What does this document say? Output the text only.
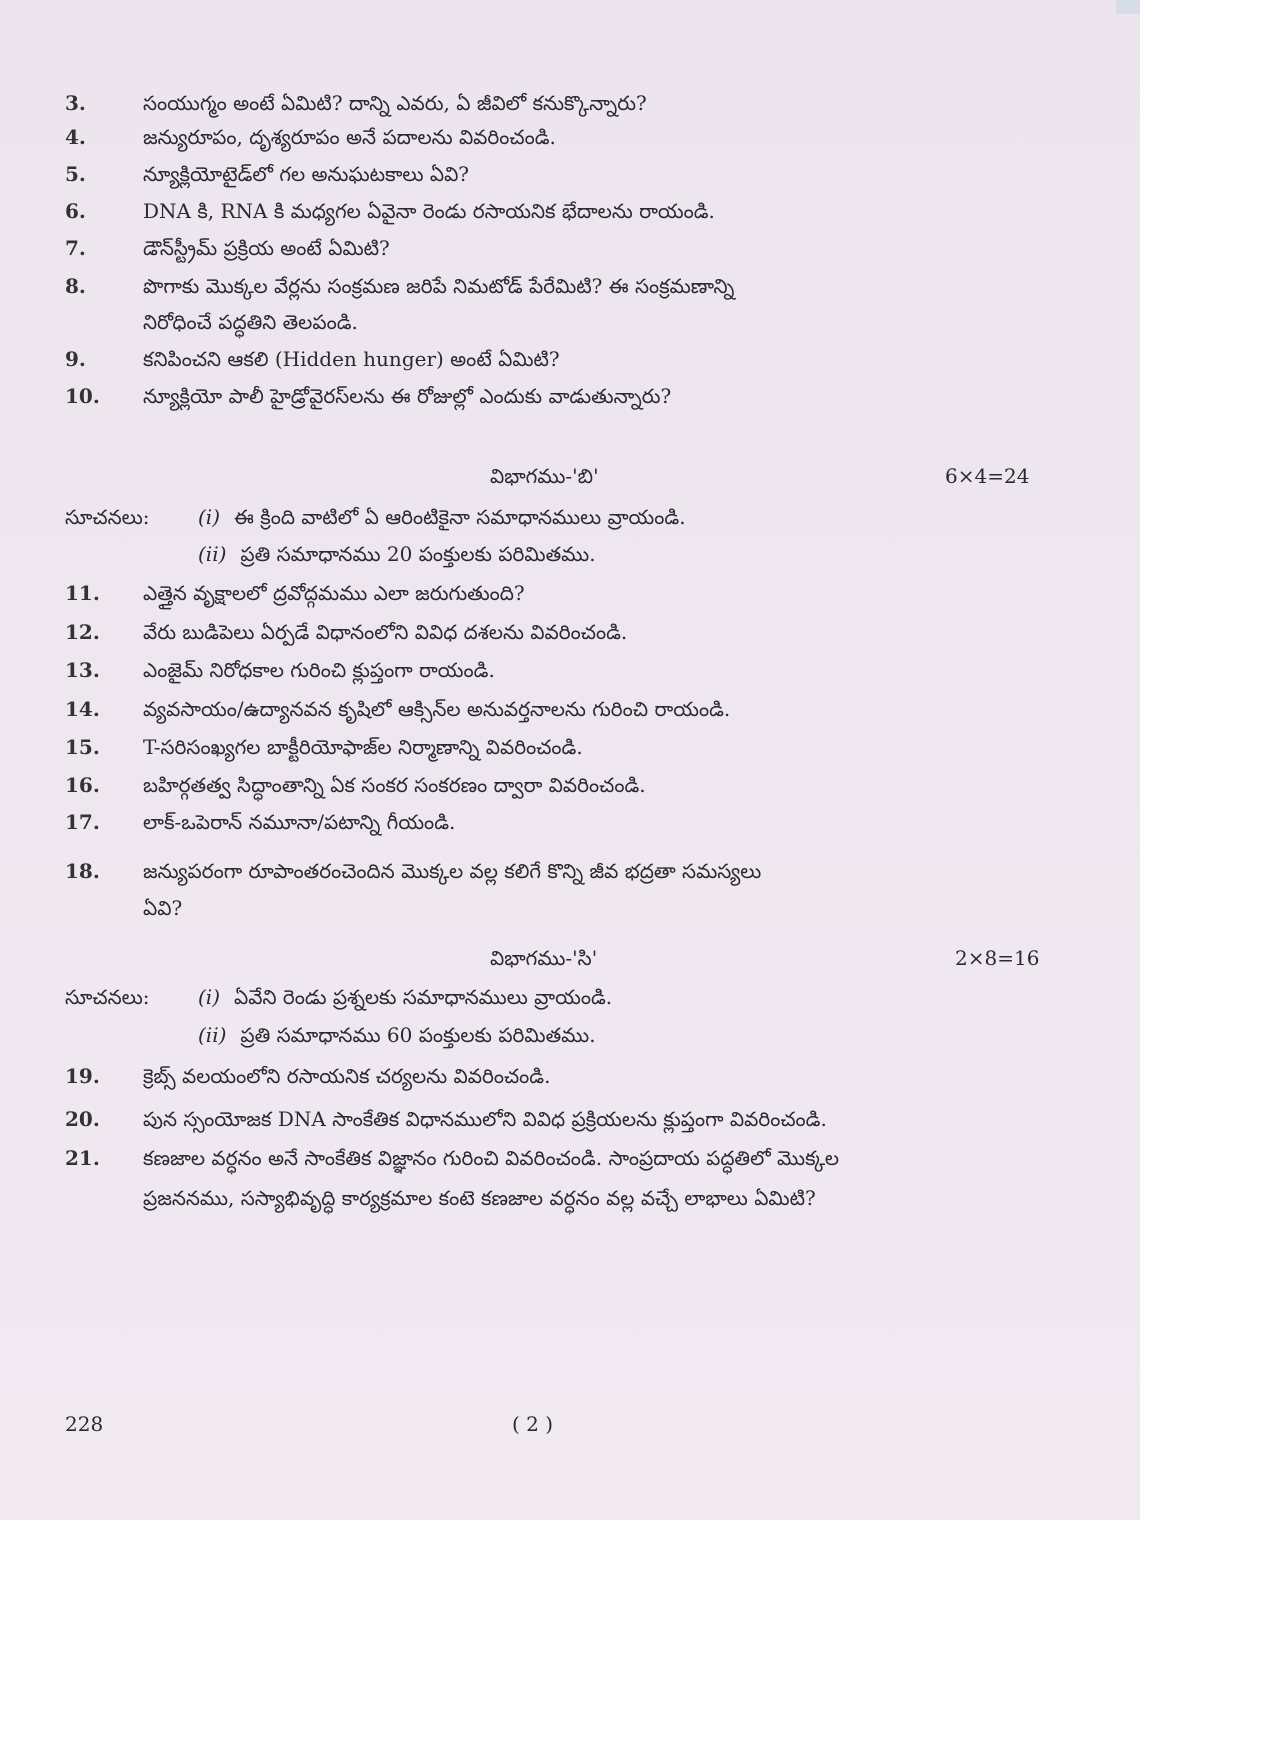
3.	సంయుగ్మం అంటే ఏమిటి? దాన్ని ఎవరు, ఏ జీవిలో కనుక్కొన్నారు?
4.	జన్యురూపం, దృశ్యరూపం అనే పదాలను వివరించండి.
5.	న్యూక్లియోటైడ్‌లో గల అనుఘటకాలు ఏవి?
6.	DNA కి, RNA కి మధ్యగల ఏవైనా రెండు రసాయనిక భేదాలను రాయండి.
7.	డౌన్‌స్ట్రీమ్ ప్రక్రియ అంటే ఏమిటి?
8.	పొగాకు మొక్కల వేర్లను సంక్రమణ జరిపే నిమటోడ్ పేరేమిటి? ఈ సంక్రమణాన్ని
నిరోధించే పద్ధతిని తెలపండి.
9.	కనిపించని ఆకలి (Hidden hunger) అంటే ఏమిటి?
10. న్యూక్లియో పాలీ హైడ్రోవైరస్‌లను ఈ రోజుల్లో ఎందుకు వాడుతున్నారు?
విభాగము-'బి'	6×4=24
సూచనలు: (i) ఈ క్రింది వాటిలో ఏ ఆరింటికైనా సమాధానములు వ్రాయండి.
(ii) ప్రతి సమాధానము 20 పంక్తులకు పరిమితము.
11. ఎత్తైన వృక్షాలలో ద్రవోద్గమము ఎలా జరుగుతుంది?
12. వేరు బుడిపెలు ఏర్పడే విధానంలోని వివిధ దశలను వివరించండి.
13. ఎంజైమ్ నిరోధకాల గురించి క్లుప్తంగా రాయండి.
14. వ్యవసాయం/ఉద్యానవన కృషిలో ఆక్సిన్‌ల అనువర్తనాలను గురించి రాయండి.
15. T-సరిసంఖ్యగల బాక్టీరియోఫాజ్‌ల నిర్మాణాన్ని వివరించండి.
16. బహిర్గతత్వ సిద్ధాంతాన్ని ఏక సంకర సంకరణం ద్వారా వివరించండి.
17. లాక్-ఒపెరాన్ నమూనా/పటాన్ని గీయండి.
18. జన్యుపరంగా రూపాంతరంచెందిన మొక్కల వల్ల కలిగే కొన్ని జీవ భద్రతా సమస్యలు
ఏవి?
విభాగము-'సి'	2×8=16
సూచనలు: (i) ఏవేని రెండు ప్రశ్నలకు సమాధానములు వ్రాయండి.
(ii) ప్రతి సమాధానము 60 పంక్తులకు పరిమితము.
19. క్రెబ్స్ వలయంలోని రసాయనిక చర్యలను వివరించండి.
20. పున స్సంయోజక DNA సాంకేతిక విధానములోని వివిధ ప్రక్రియలను క్లుప్తంగా వివరించండి.
21. కణజాల వర్ధనం అనే సాంకేతిక విజ్ఞానం గురించి వివరించండి. సాంప్రదాయ పద్ధతిలో మొక్కల
ప్రజననము, సస్యాభివృద్ధి కార్యక్రమాల కంటె కణజాల వర్ధనం వల్ల వచ్చే లాభాలు ఏమిటి?
228	( 2 )
